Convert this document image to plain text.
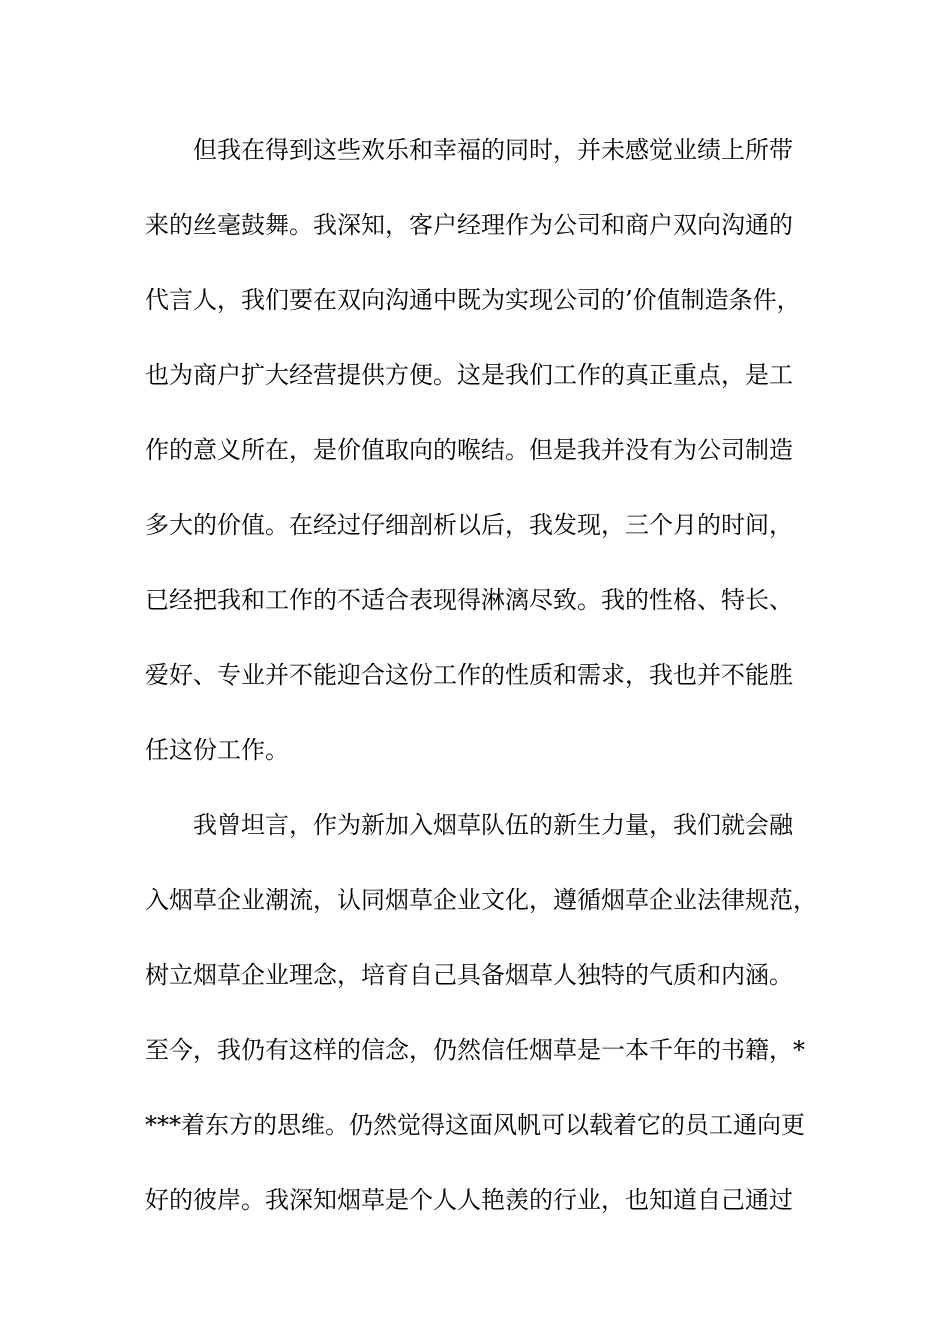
但我在得到这些欢乐和幸福的同时，并未感觉业绩上所带
来的丝毫鼓舞。我深知，客户经理作为公司和商户双向沟通的
代言人，我们要在双向沟通中既为实现公司的’价值制造条件，
也为商户扩大经营提供方便。这是我们工作的真正重点，是工
作的意义所在，是价值取向的喉结。但是我并没有为公司制造
多大的价值。在经过仔细剖析以后，我发现，三个月的时间，
已经把我和工作的不适合表现得淋漓尽致。我的性格、特长、
爱好、专业并不能迎合这份工作的性质和需求，我也并不能胜
任这份工作。
我曾坦言，作为新加入烟草队伍的新生力量，我们就会融
入烟草企业潮流，认同烟草企业文化，遵循烟草企业法律规范，
树立烟草企业理念，培育自己具备烟草人独特的气质和内涵。
至今，我仍有这样的信念，仍然信任烟草是一本千年的书籍，*
***着东方的思维。仍然觉得这面风帆可以载着它的员工通向更
好的彼岸。我深知烟草是个人人艳羡的行业，也知道自己通过
